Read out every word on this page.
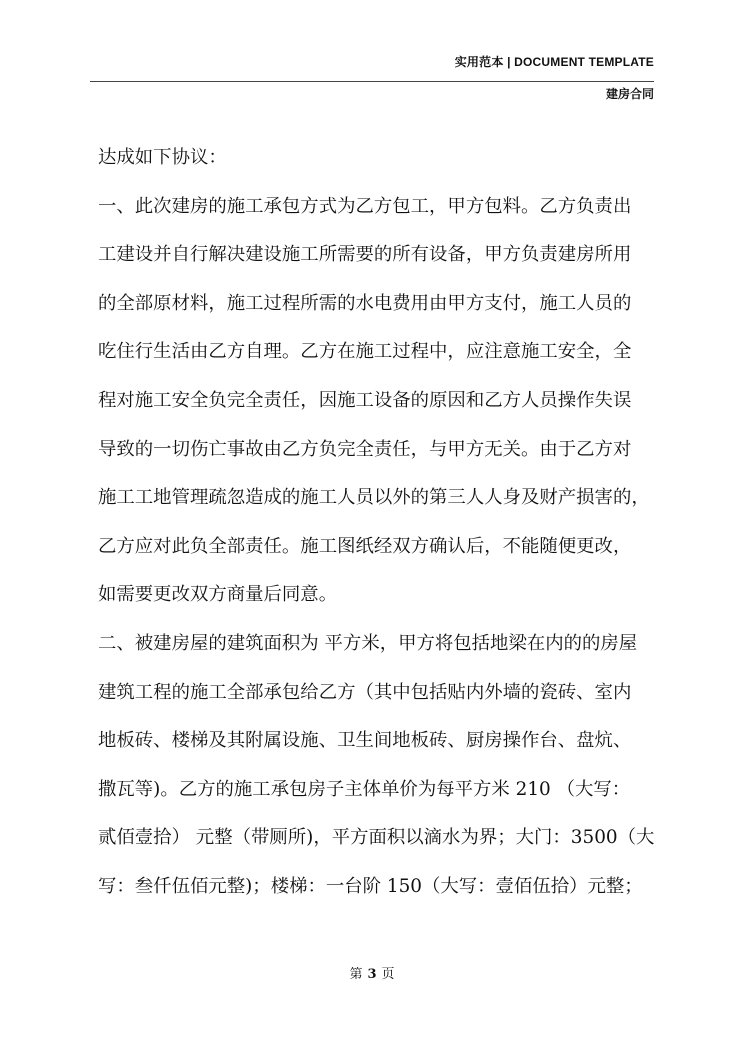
实用范本 | DOCUMENT TEMPLATE
建房合同
达成如下协议：
一、此次建房的施工承包方式为乙方包工，甲方包料。乙方负责出
工建设并自行解决建设施工所需要的所有设备，甲方负责建房所用
的全部原材料，施工过程所需的水电费用由甲方支付，施工人员的
吃住行生活由乙方自理。乙方在施工过程中，应注意施工安全，全
程对施工安全负完全责任，因施工设备的原因和乙方人员操作失误
导致的一切伤亡事故由乙方负完全责任，与甲方无关。由于乙方对
施工工地管理疏忽造成的施工人员以外的第三人人身及财产损害的，
乙方应对此负全部责任。施工图纸经双方确认后，不能随便更改，
如需要更改双方商量后同意。
二、被建房屋的建筑面积为 平方米，甲方将包括地梁在内的的房屋
建筑工程的施工全部承包给乙方（其中包括贴内外墙的瓷砖、室内
地板砖、楼梯及其附属设施、卫生间地板砖、厨房操作台、盘炕、
撒瓦等)。乙方的施工承包房子主体单价为每平方米 210 （大写：
贰佰壹拾） 元整（带厕所)，平方面积以滴水为界；大门：3500（大
写：叁仟伍佰元整)；楼梯：一台阶 150（大写：壹佰伍拾）元整；
第 3 页
